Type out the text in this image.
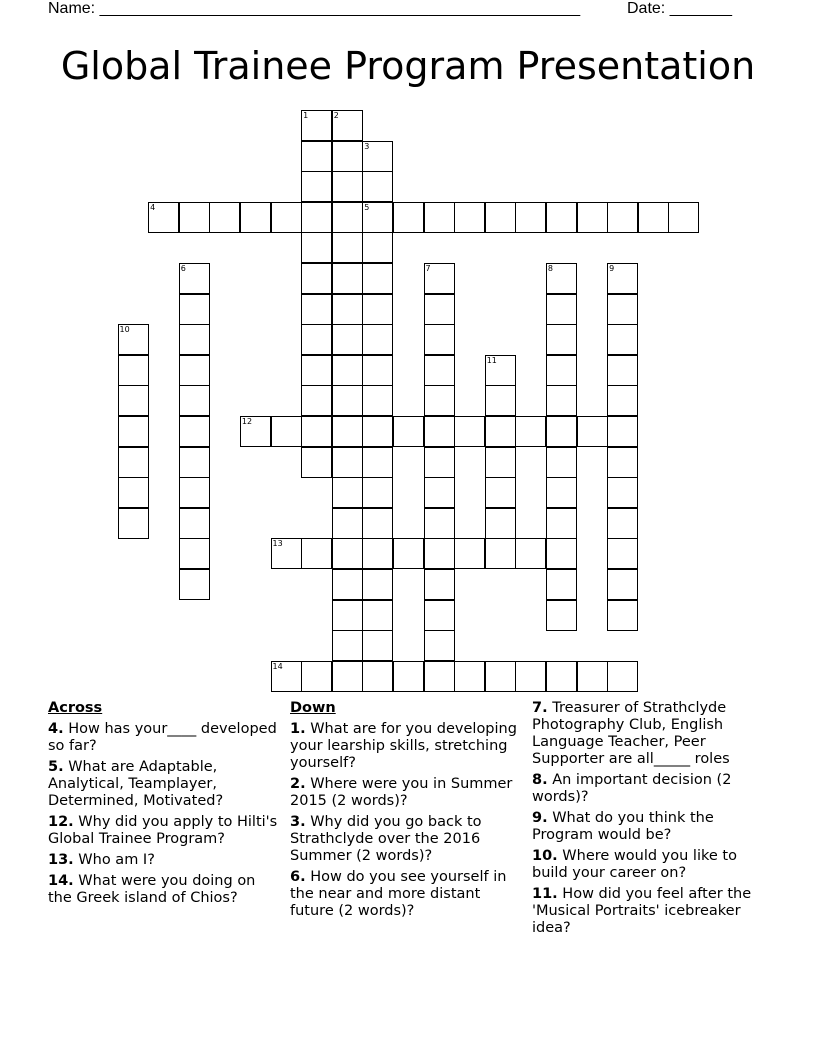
Name: ______________________________________________________	Date: _______
Global Trainee Program Presentation
1	2
3
4	5
6	7	8	9
10
11
12
13
14
Across
4. How has your____ developed so far?
5. What are Adaptable, Analytical, Teamplayer, Determined, Motivated?
12. Why did you apply to Hilti's Global Trainee Program?
13. Who am I?
14. What were you doing on the Greek island of Chios?
Down
1. What are for you developing your learship skills, stretching yourself?
2. Where were you in Summer 2015 (2 words)?
3. Why did you go back to Strathclyde over the 2016 Summer (2 words)?
6. How do you see yourself in the near and more distant future (2 words)?
7. Treasurer of Strathclyde Photography Club, English Language Teacher, Peer Supporter are all_____ roles
8. An important decision (2 words)?
9. What do you think the Program would be?
10. Where would you like to build your career on?
11. How did you feel after the 'Musical Portraits' icebreaker idea?
